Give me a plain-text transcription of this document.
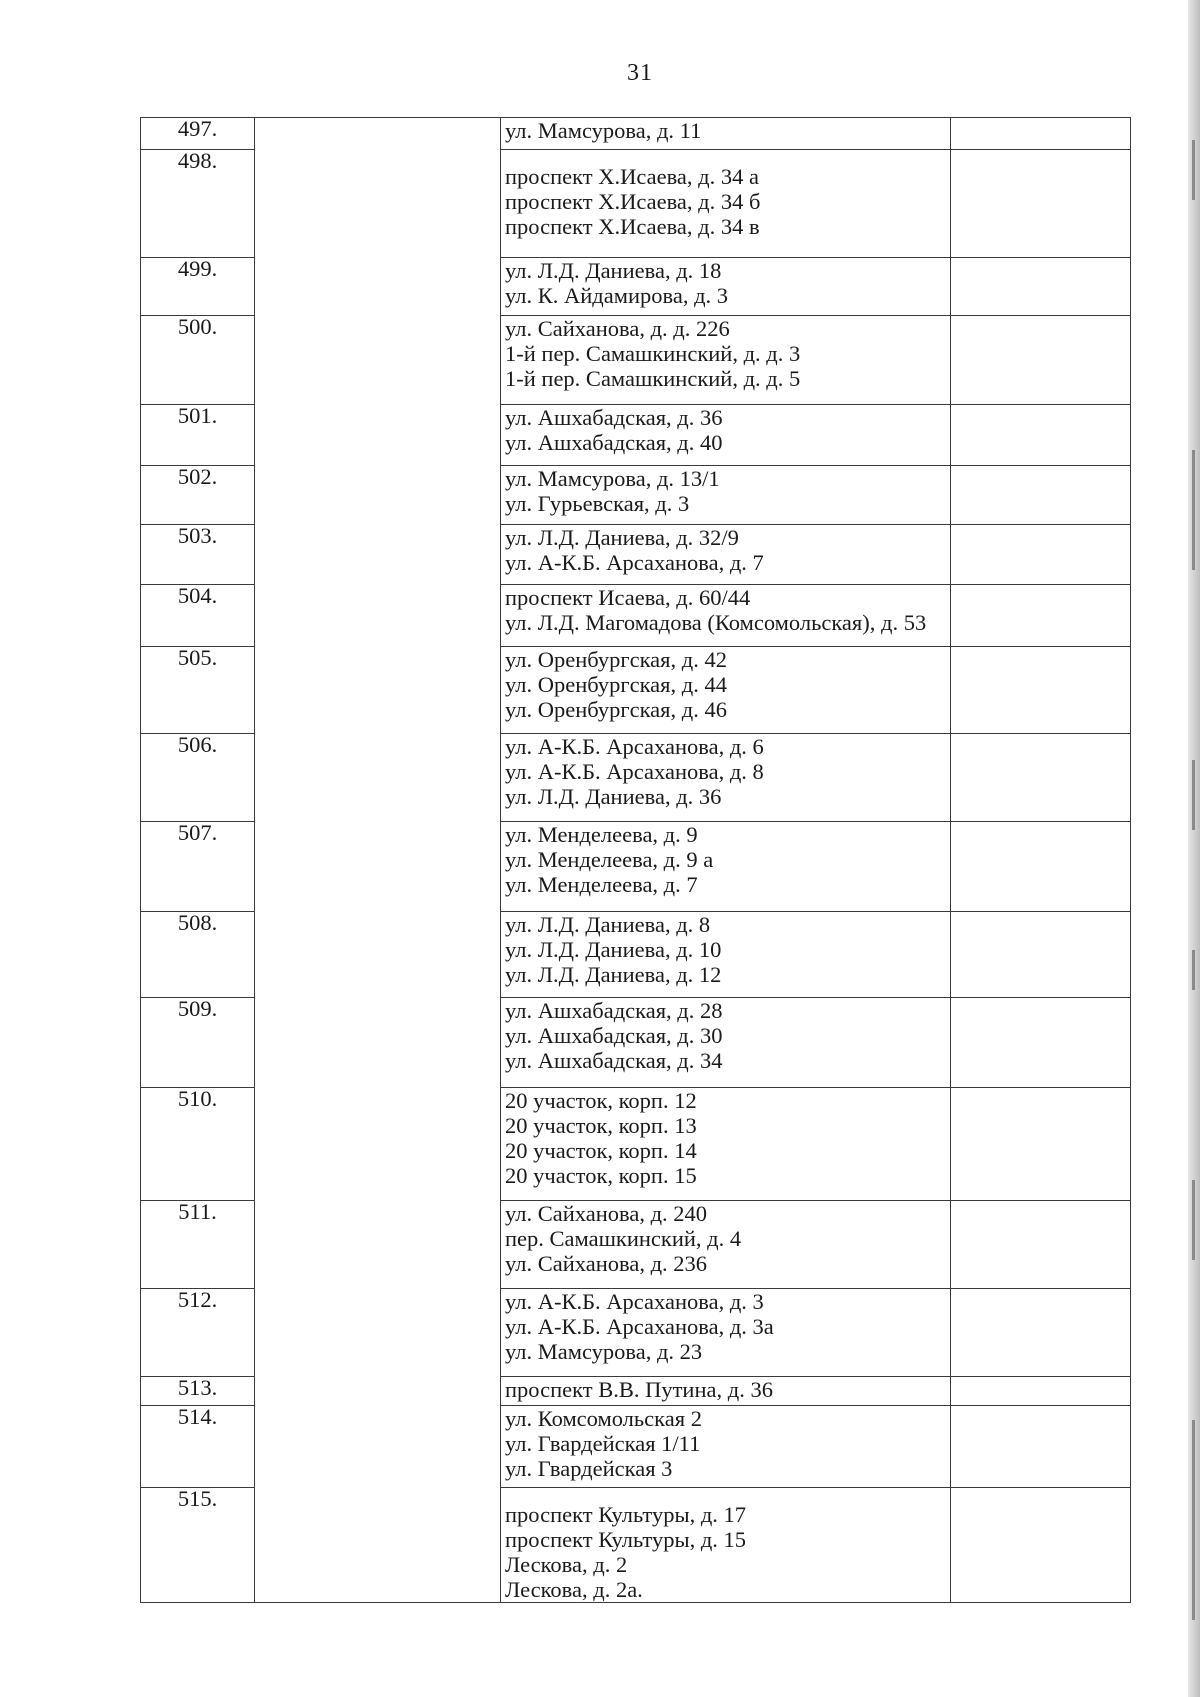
31
497.		ул. Мамсурова, д. 11	

498.		проспект Х.Исаева, д. 34 а
проспект Х.Исаева, д. 34 б
проспект Х.Исаева, д. 34 в	

499.		ул. Л.Д. Даниева, д. 18
ул. К. Айдамирова, д. 3	

500.		ул. Сайханова, д. д. 226
1-й пер. Самашкинский, д. д. 3
1-й пер. Самашкинский, д. д. 5	

501.		ул. Ашхабадская, д. 36
ул. Ашхабадская, д. 40	

502.		ул. Мамсурова, д. 13/1
ул. Гурьевская, д. 3	

503.		ул. Л.Д. Даниева, д. 32/9
ул. А-К.Б. Арсаханова, д. 7	

504.		проспект Исаева, д. 60/44
ул. Л.Д. Магомадова (Комсомольская), д. 53	

505.		ул. Оренбургская, д. 42
ул. Оренбургская, д. 44
ул. Оренбургская, д. 46	

506.		ул. А-К.Б. Арсаханова, д. 6
ул. А-К.Б. Арсаханова, д. 8
ул. Л.Д. Даниева, д. 36	

507.		ул. Менделеева, д. 9
ул. Менделеева, д. 9 а
ул. Менделеева, д. 7	

508.		ул. Л.Д. Даниева, д. 8
ул. Л.Д. Даниева, д. 10
ул. Л.Д. Даниева, д. 12	

509.		ул. Ашхабадская, д. 28
ул. Ашхабадская, д. 30
ул. Ашхабадская, д. 34	

510.		20 участок, корп. 12
20 участок, корп. 13
20 участок, корп. 14
20 участок, корп. 15	

511.		ул. Сайханова, д. 240
пер. Самашкинский, д. 4
ул. Сайханова, д. 236	

512.		ул. А-К.Б. Арсаханова, д. 3
ул. А-К.Б. Арсаханова, д. 3а
ул. Мамсурова, д. 23	

513.		проспект В.В. Путина, д. 36	

514.		ул. Комсомольская 2
ул. Гвардейская 1/11
ул. Гвардейская 3	

515.		проспект Культуры, д. 17
проспект Культуры, д. 15
Лескова, д. 2
Лескова, д. 2а.	
